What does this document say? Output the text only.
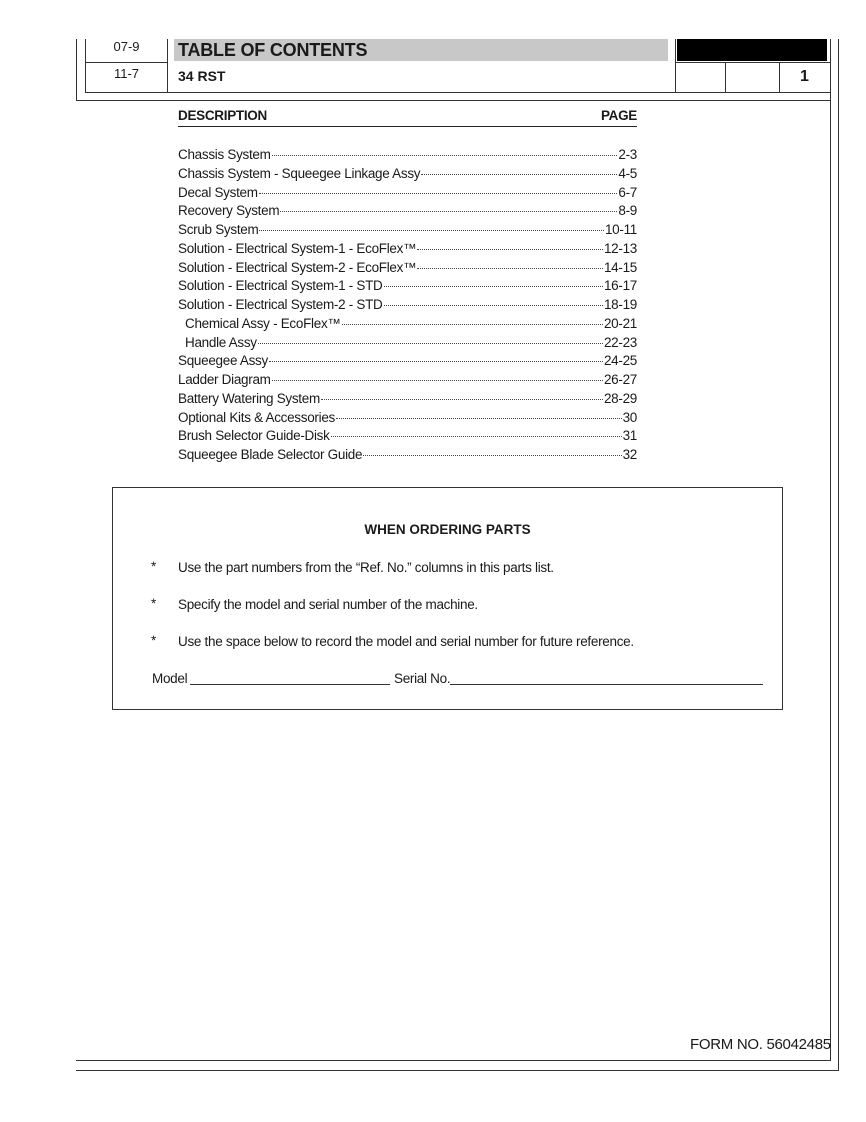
07-9
11-7
TABLE OF CONTENTS
34 RST	1
DESCRIPTION	PAGE
Chassis System	2-3
Chassis System - Squeegee Linkage Assy	4-5
Decal System	6-7
Recovery System	8-9
Scrub System	10-11
Solution - Electrical System-1 - EcoFlex™	12-13
Solution - Electrical System-2 - EcoFlex™	14-15
Solution - Electrical System-1 - STD	16-17
Solution - Electrical System-2 - STD	18-19
Chemical Assy - EcoFlex™	20-21
Handle Assy	22-23
Squeegee Assy	24-25
Ladder Diagram	26-27
Battery Watering System	28-29
Optional Kits & Accessories	30
Brush Selector Guide-Disk	31
Squeegee Blade Selector Guide	32
WHEN ORDERING PARTS
* Use the part numbers from the “Ref. No.” columns in this parts list.
* Specify the model and serial number of the machine.
* Use the space below to record the model and serial number for future reference.
Model	Serial No.
FORM NO. 56042485
